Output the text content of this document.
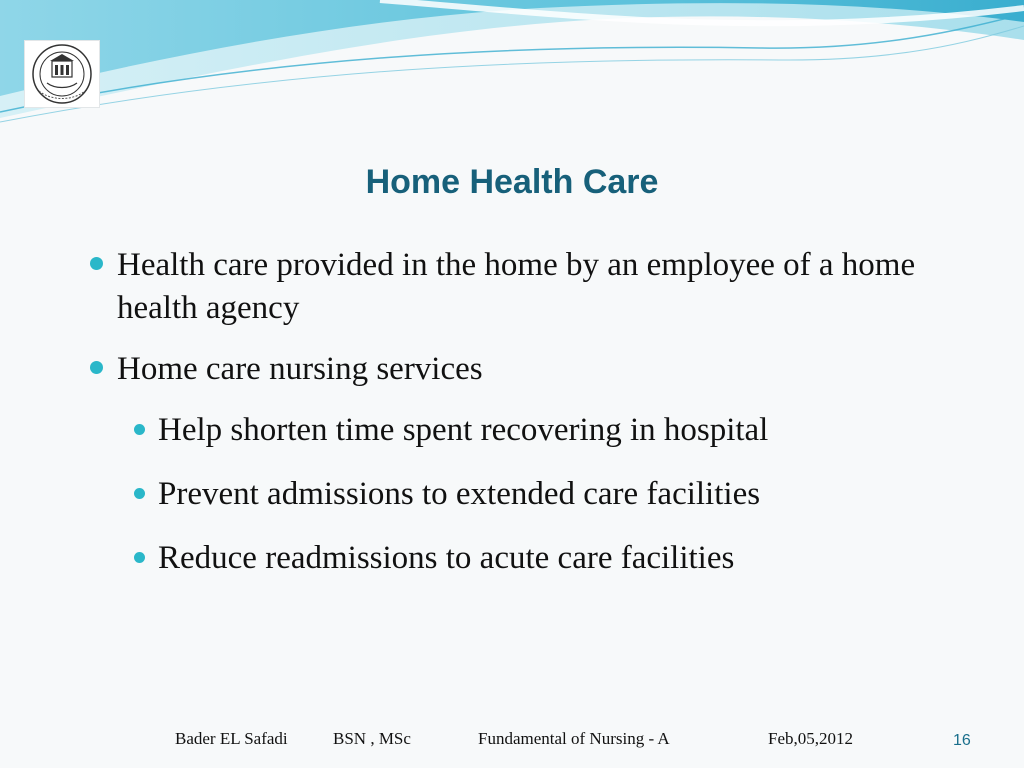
Home Health Care
Health care provided in the home by an employee of a home health agency
Home care nursing services
Help shorten time spent recovering in hospital
Prevent admissions to extended care facilities
Reduce readmissions to acute care facilities
Bader EL Safadi	BSN , MSc	Fundamental of Nursing - A	Feb,05,2012	16
